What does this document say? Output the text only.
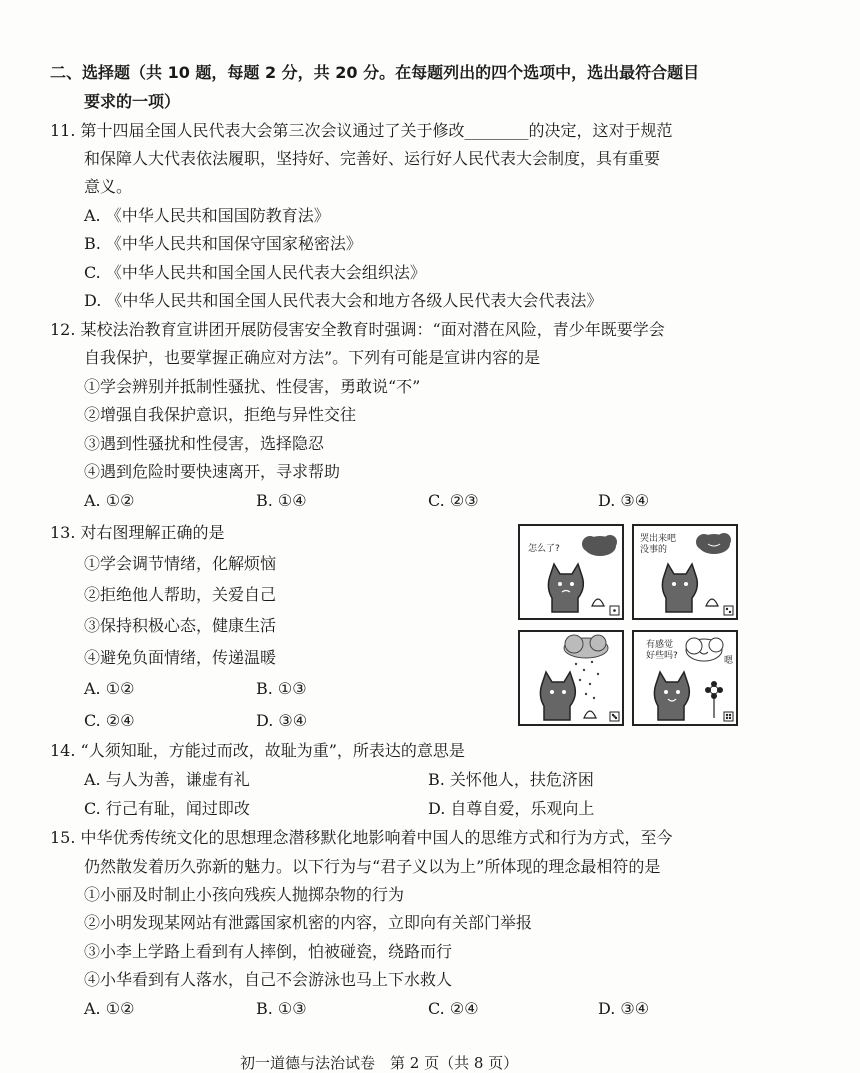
二、选择题（共 10 题，每题 2 分，共 20 分。在每题列出的四个选项中，选出最符合题目
要求的一项）
11. 第十四届全国人民代表大会第三次会议通过了关于修改________的决定，这对于规范
和保障人大代表依法履职，坚持好、完善好、运行好人民代表大会制度，具有重要
意义。
A. 《中华人民共和国国防教育法》
B. 《中华人民共和国保守国家秘密法》
C. 《中华人民共和国全国人民代表大会组织法》
D. 《中华人民共和国全国人民代表大会和地方各级人民代表大会代表法》
12. 某校法治教育宣讲团开展防侵害安全教育时强调：“面对潜在风险，青少年既要学会
自我保护，也要掌握正确应对方法”。下列有可能是宣讲内容的是
①学会辨别并抵制性骚扰、性侵害，勇敢说“不”
②增强自我保护意识，拒绝与异性交往
③遇到性骚扰和性侵害，选择隐忍
④遇到危险时要快速离开，寻求帮助
A. ①②	B. ①④	C. ②③	D. ③④
13. 对右图理解正确的是
①学会调节情绪，化解烦恼
②拒绝他人帮助，关爱自己
③保持积极心态，健康生活
④避免负面情绪，传递温暖
A. ①②	B. ①③
C. ②④	D. ③④
怎么了?
哭出来吧
没事的
有感觉
好些吗?	嗯
14. “人须知耻，方能过而改，故耻为重”，所表达的意思是
A. 与人为善，谦虚有礼	B. 关怀他人，扶危济困
C. 行己有耻，闻过即改	D. 自尊自爱，乐观向上
15. 中华优秀传统文化的思想理念潜移默化地影响着中国人的思维方式和行为方式，至今
仍然散发着历久弥新的魅力。以下行为与“君子义以为上”所体现的理念最相符的是
①小丽及时制止小孩向残疾人抛掷杂物的行为
②小明发现某网站有泄露国家机密的内容，立即向有关部门举报
③小李上学路上看到有人摔倒，怕被碰瓷，绕路而行
④小华看到有人落水，自己不会游泳也马上下水救人
A. ①②	B. ①③	C. ②④	D. ③④
初一道德与法治试卷　第 2 页（共 8 页）
